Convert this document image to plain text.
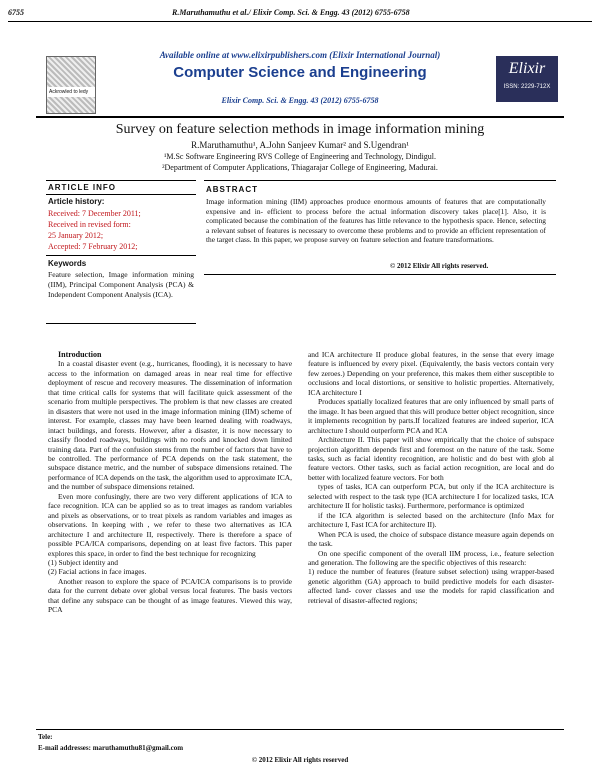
6755	R.Maruthamuthu et al./ Elixir Comp. Sci. & Engg. 43 (2012) 6755-6758
Available online at www.elixirpublishers.com (Elixir International Journal)
Ackrowled to ledy
Computer Science and Engineering
Elixir Comp. Sci. & Engg. 43 (2012) 6755-6758
Elixir
ISSN: 2229-712X
Survey on feature selection methods in image information mining
R.Maruthamuthu¹, A.John Sanjeev Kumar² and S.Ugendran¹
¹M.Sc Software Engineering RVS College of Engineering and Technology, Dindigul.
²Department of Computer Applications, Thiagarajar College of Engineering, Madurai.
ARTICLE INFO
Article history:
Received: 7 December 2011;
Received in revised form:
25 January 2012;
Accepted: 7 February 2012;
Keywords
Feature selection, Image information mining (IIM), Principal Component Analysis (PCA) & Independent Component Analysis (ICA).
ABSTRACT
Image information mining (IIM) approaches produce enormous amounts of features that are computationally expensive and in- efficient to process before the actual information discovery takes place[1]. Also, it is complicated because the combination of the features has little relevance to the hypothesis space. Hence, selecting a relevant subset of features is necessary to overcome these problems and to provide an efficient representation of the target class. In this paper, we propose survey on feature selection and feature transformations.
© 2012 Elixir All rights reserved.

Introduction

In a coastal disaster event (e.g., hurricanes, flooding), it is necessary to have access to the information on damaged areas in near real time for effective deployment of rescue and recovery measures. The dissemination of information that time critical calls for systems that will facilitate quick assessment of the scenario from multiple perspectives. The problem is that new classes are created in disasters that were not used in the image information mining (IIM) scheme of interest. For example, classes may have been learned dealing with roadways, intact buildings, and forests. However, after a disaster, it is now necessary to classify flooded roadways, buildings with no roofs and knocked down limited training data. Part of the confusion stems from the number of factors that have to be controlled. The performance of PCA depends on the task statement, the subspace distance metric, and the number of subspace dimensions retained. The performance of ICA depends on the task, the algorithm used to approximate ICA, and the number of subspace dimensions retained.

Even more confusingly, there are two very different applications of ICA to face recognition. ICA can be applied so as to treat images as random variables and pixels as observations, or to treat pixels as random variables and images as observations. In keeping with , we refer to these two alternatives as ICA architecture I and architecture II, respectively. There is therefore a space of possible PCA/ICA comparisons, depending on at least five factors. This paper explores this space, in order to find the best technique for recognizing

(1) Subject identity and

(2) Facial actions in face images.

Another reason to explore the space of PCA/ICA comparisons is to provide data for the current debate over global versus local features. The basis vectors that define any subspace can be thought of as image features. Viewed this way, PCA

and ICA architecture II produce global features, in the sense that every image feature is influenced by every pixel. (Equivalently, the basis vectors contain very few zeroes.) Depending on your preference, this makes them either susceptible to occlusions and local distortions, or sensitive to holistic properties. Alternatively, ICA architecture I

Produces spatially localized features that are only influenced by small parts of the image. It has been argued that this will produce better object recognition, since it implements recognition by parts.If localized features are indeed superior, ICA architecture I should outperform PCA and ICA

Architecture II. This paper will show empirically that the choice of subspace projection algorithm depends first and foremost on the nature of the task. Some tasks, such as facial identity recognition, are holistic and do best with glob al feature vectors. Other tasks, such as facial action recognition, are local and do better with localized feature vectors. For both

types of tasks, ICA can outperform PCA, but only if the ICA architecture is selected with respect to the task type (ICA architecture I for localized tasks, ICA architecture II for holistic tasks). Furthermore, performance is optimized

if the ICA algorithm is selected based on the architecture (Info Max for architecture I, Fast ICA for architecture II).

When PCA is used, the choice of subspace distance measure again depends on the task.

On one specific component of the overall IIM process, i.e., feature selection and generation. The following are the specific objectives of this research:

1) reduce the number of features (feature subset selection) using wrapper-based genetic algorithm (GA) approach to build predictive models for each disaster-affected land- cover classes and use the models for rapid classification and retrieval of disaster-affected regions;

Tele:
E-mail addresses: maruthamuthu81@gmail.com
© 2012 Elixir All rights reserved
